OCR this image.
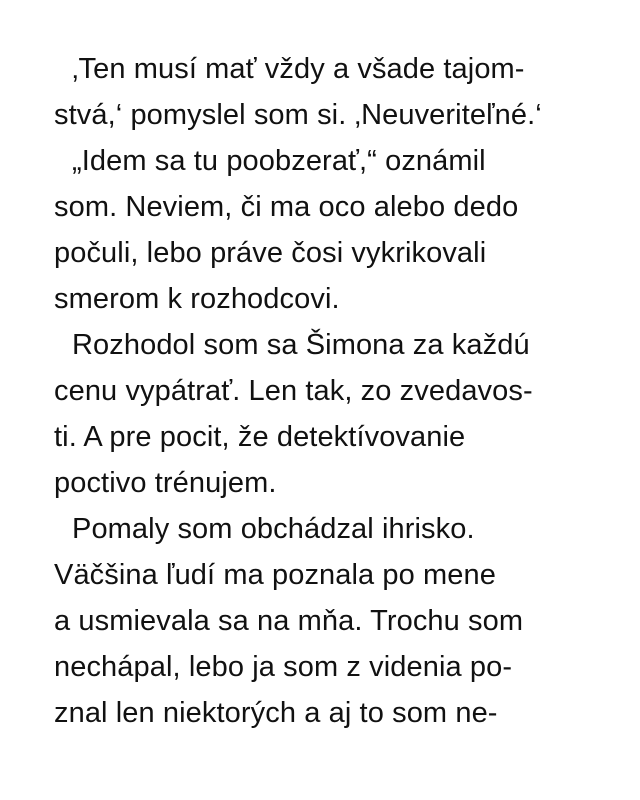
‚Ten musí mať vždy a všade tajom-
stvá,‘ pomyslel som si. ‚Neuveriteľné.‘
„Idem sa tu poobzerať,“ oznámil
som. Neviem, či ma oco alebo dedo
počuli, lebo práve čosi vykrikovali
smerom k rozhodcovi.
Rozhodol som sa Šimona za každú
cenu vypátrať. Len tak, zo zvedavos-
ti. A pre pocit, že detektívovanie
poctivo trénujem.
Pomaly som obchádzal ihrisko.
Väčšina ľudí ma poznala po mene
a usmievala sa na mňa. Trochu som
nechápal, lebo ja som z videnia po-
znal len niektorých a aj to som ne-
